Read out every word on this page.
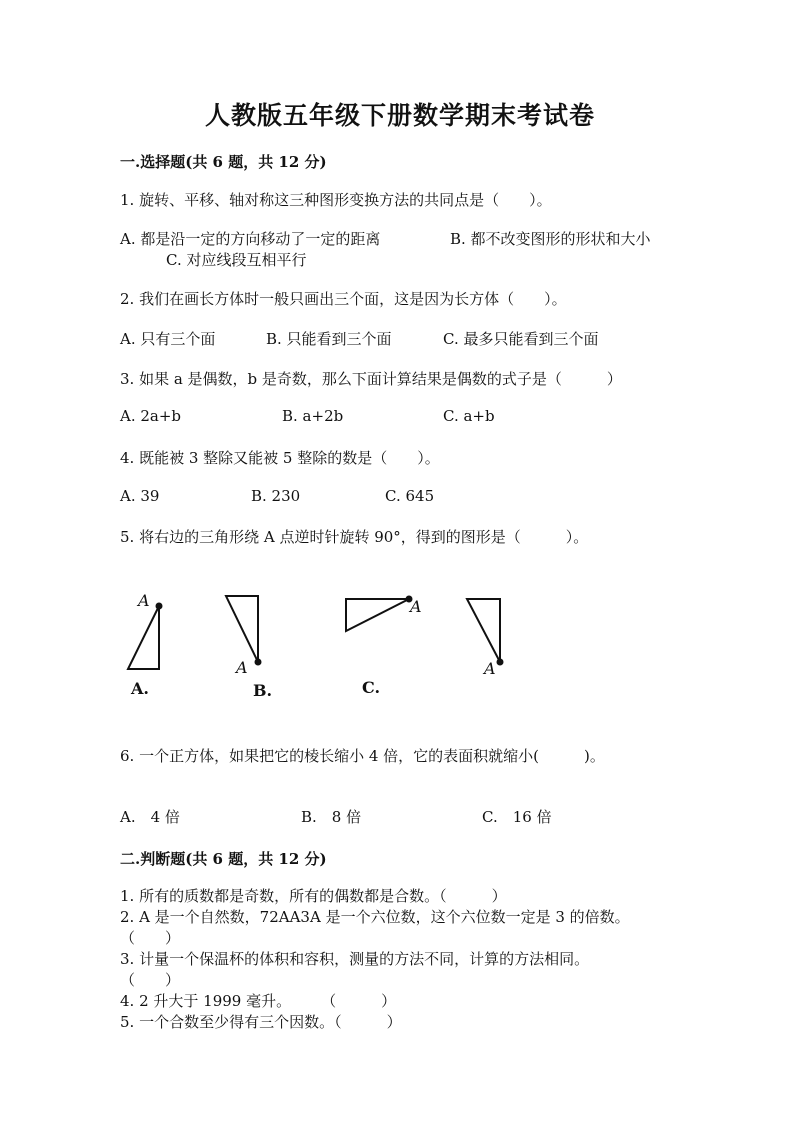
人教版五年级下册数学期末考试卷
一.选择题(共 6 题，共 12 分)
1. 旋转、平移、轴对称这三种图形变换方法的共同点是（　　）。
A. 都是沿一定的方向移动了一定的距离	B. 都不改变图形的形状和大小
C. 对应线段互相平行
2. 我们在画长方体时一般只画出三个面，这是因为长方体（　　）。
A. 只有三个面	B. 只能看到三个面	C. 最多只能看到三个面
3. 如果 a 是偶数，b 是奇数，那么下面计算结果是偶数的式子是（　　　）
A. 2a+b	B. a+2b	C. a+b
4. 既能被 3 整除又能被 5 整除的数是（　　）。
A. 39	B. 230	C. 645
5. 将右边的三角形绕 A 点逆时针旋转 90°，得到的图形是（　　　）。
A
A
A
A
A.	B.	C.
6. 一个正方体，如果把它的棱长缩小 4 倍，它的表面积就缩小(　　　)。
A.　4 倍	B.　8 倍	C.　16 倍
二.判断题(共 6 题，共 12 分)
1. 所有的质数都是奇数，所有的偶数都是合数。（　　　）
2. A 是一个自然数，72AA3A 是一个六位数，这个六位数一定是 3 的倍数。
（　　）
3. 计量一个保温杯的体积和容积，测量的方法不同，计算的方法相同。
（　　）
4. 2 升大于 1999 毫升。　　　（　　　）
5. 一个合数至少得有三个因数。（　　　）
